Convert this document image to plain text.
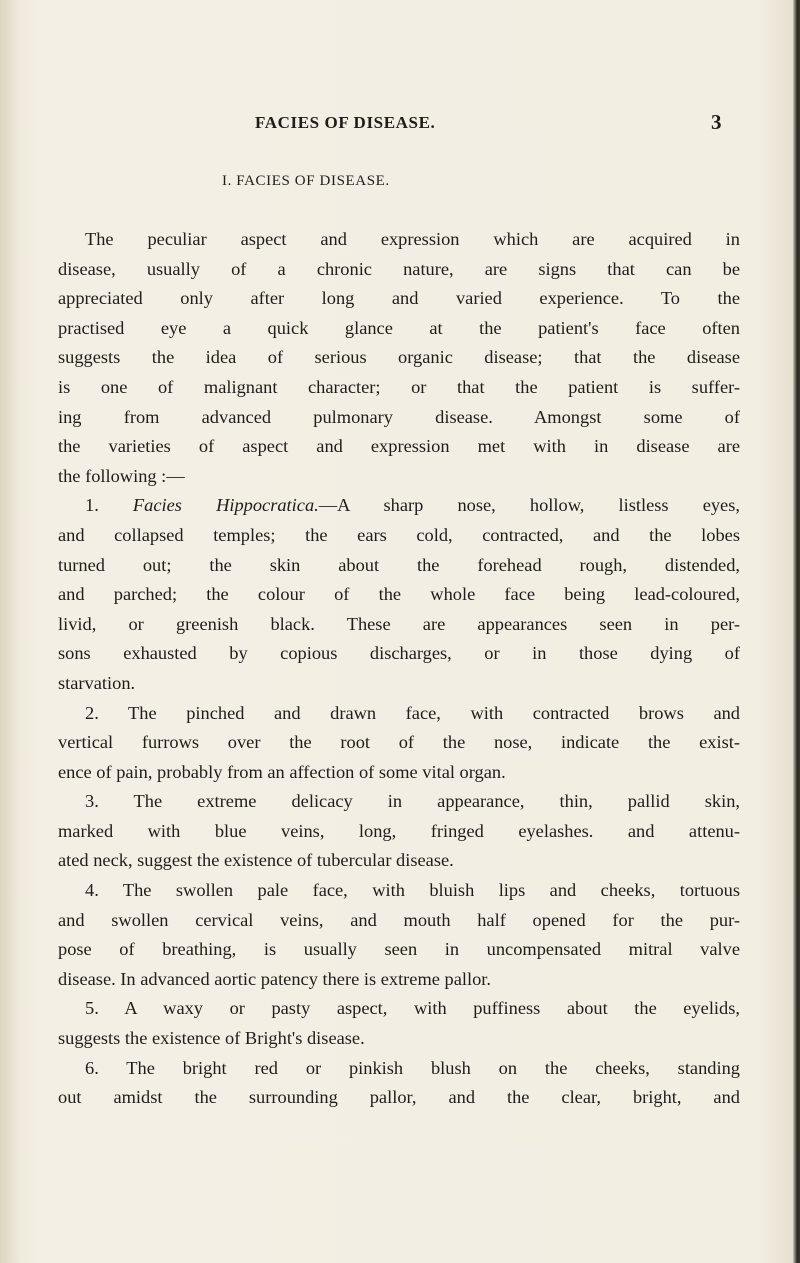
FACIES OF DISEASE.	3
I. FACIES OF DISEASE.

The peculiar aspect and expression which are acquired in
disease, usually of a chronic nature, are signs that can be
appreciated only after long and varied experience. To the
practised eye a quick glance at the patient's face often
suggests the idea of serious organic disease; that the disease
is one of malignant character; or that the patient is suffer-
ing from advanced pulmonary disease. Amongst some of
the varieties of aspect and expression met with in disease are
the following :—

1. Facies Hippocratica.—A sharp nose, hollow, listless eyes,
and collapsed temples; the ears cold, contracted, and the lobes
turned out; the skin about the forehead rough, distended,
and parched; the colour of the whole face being lead-coloured,
livid, or greenish black. These are appearances seen in per-
sons exhausted by copious discharges, or in those dying of
starvation.

2. The pinched and drawn face, with contracted brows and
vertical furrows over the root of the nose, indicate the exist-
ence of pain, probably from an affection of some vital organ.

3. The extreme delicacy in appearance, thin, pallid skin,
marked with blue veins, long, fringed eyelashes. and attenu-
ated neck, suggest the existence of tubercular disease.

4. The swollen pale face, with bluish lips and cheeks, tortuous
and swollen cervical veins, and mouth half opened for the pur-
pose of breathing, is usually seen in uncompensated mitral valve
disease. In advanced aortic patency there is extreme pallor.

5. A waxy or pasty aspect, with puffiness about the eyelids,
suggests the existence of Bright's disease.

6. The bright red or pinkish blush on the cheeks, standing
out amidst the surrounding pallor, and the clear, bright, and
